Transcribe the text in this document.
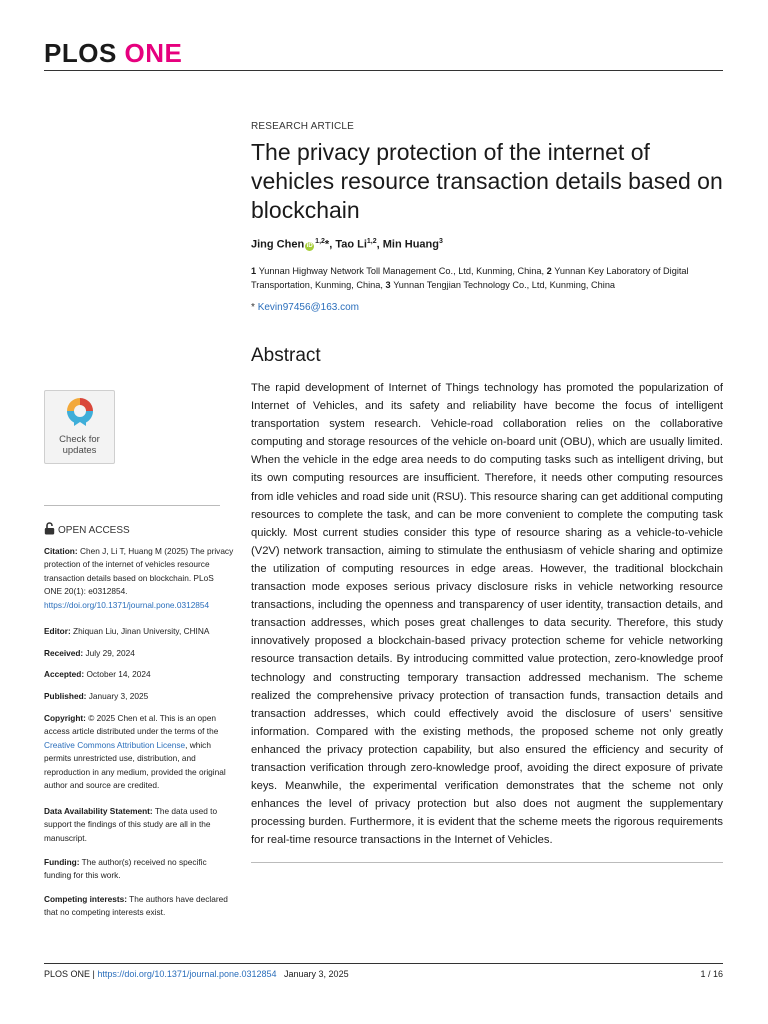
PLOS ONE
RESEARCH ARTICLE
The privacy protection of the internet of vehicles resource transaction details based on blockchain
Jing Chen iD$^{1,2}$*, Tao Li$^{1,2}$, Min Huang$^3$
1 Yunnan Highway Network Toll Management Co., Ltd, Kunming, China, 2 Yunnan Key Laboratory of Digital Transportation, Kunming, China, 3 Yunnan Tengjian Technology Co., Ltd, Kunming, China
* Kevin97456@163.com
Abstract
The rapid development of Internet of Things technology has promoted the popularization of Internet of Vehicles, and its safety and reliability have become the focus of intelligent transportation system research. Vehicle-road collaboration relies on the collaborative computing and storage resources of the vehicle on-board unit (OBU), which are usually limited. When the vehicle in the edge area needs to do computing tasks such as intelligent driving, but its own computing resources are insufficient. Therefore, it needs other computing resources from idle vehicles and road side unit (RSU). This resource sharing can get additional computing resources to complete the task, and can be more convenient to complete the computing task quickly. Most current studies consider this type of resource sharing as a vehicle-to-vehicle (V2V) network transaction, aiming to stimulate the enthusiasm of vehicle sharing and optimize the utilization of computing resources in edge areas. However, the traditional blockchain transaction mode exposes serious privacy disclosure risks in vehicle networking resource transactions, including the openness and transparency of user identity, transaction details, and transaction addresses, which poses great challenges to data security. Therefore, this study innovatively proposed a blockchain-based privacy protection scheme for vehicle networking resource transaction details. By introducing committed value protection, zero-knowledge proof technology and constructing temporary transaction addressed mechanism. The scheme realized the comprehensive privacy protection of transaction funds, transaction details and transaction addresses, which could effectively avoid the disclosure of users’ sensitive information. Compared with the existing methods, the proposed scheme not only greatly enhanced the privacy protection capability, but also ensured the efficiency and security of transaction verification through zero-knowledge proof, avoiding the direct exposure of private keys. Meanwhile, the experimental verification demonstrates that the scheme not only enhances the level of privacy protection but also does not augment the supplementary processing burden. Furthermore, it is evident that the scheme meets the rigorous requirements for real-time resource transactions in the Internet of Vehicles.
Check for
updates
OPEN ACCESS
Citation: Chen J, Li T, Huang M (2025) The privacy protection of the internet of vehicles resource transaction details based on blockchain. PLoS ONE 20(1): e0312854. https://doi.org/10.1371/journal.pone.0312854
Editor: Zhiquan Liu, Jinan University, CHINA
Received: July 29, 2024
Accepted: October 14, 2024
Published: January 3, 2025
Copyright: © 2025 Chen et al. This is an open access article distributed under the terms of the Creative Commons Attribution License, which permits unrestricted use, distribution, and reproduction in any medium, provided the original author and source are credited.
Data Availability Statement: The data used to support the findings of this study are all in the manuscript.
Funding: The author(s) received no specific funding for this work.
Competing interests: The authors have declared that no competing interests exist.
PLOS ONE | https://doi.org/10.1371/journal.pone.0312854 January 3, 2025	1 / 16
